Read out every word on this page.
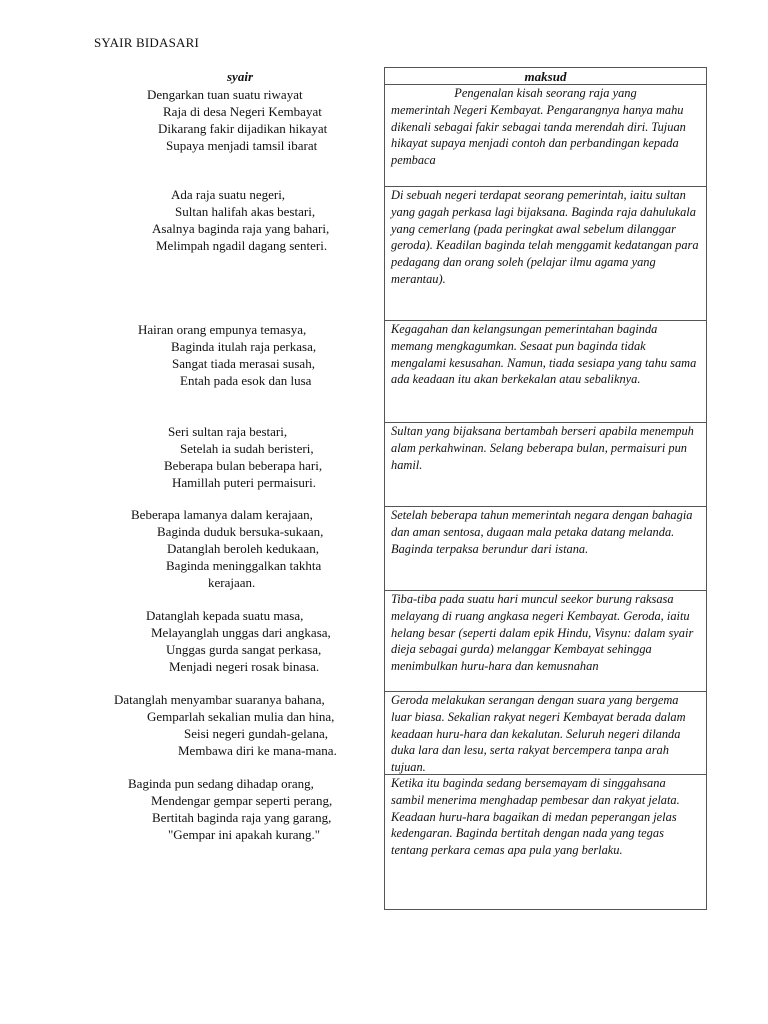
SYAIR BIDASARI
syair
Dengarkan tuan suatu riwayat
Raja di desa Negeri Kembayat
Dikarang fakir dijadikan hikayat
Supaya menjadi tamsil ibarat
Ada raja suatu negeri,
Sultan halifah akas bestari,
Asalnya baginda raja yang bahari,
Melimpah ngadil dagang senteri.
Hairan orang empunya temasya,
Baginda itulah raja perkasa,
Sangat tiada merasai susah,
Entah pada esok dan lusa
Seri sultan raja bestari,
Setelah ia sudah beristeri,
Beberapa bulan beberapa hari,
Hamillah puteri permaisuri.
Beberapa lamanya dalam kerajaan,
Baginda duduk bersuka-sukaan,
Datanglah beroleh kedukaan,
Baginda meninggalkan takhta
kerajaan.
Datanglah kepada suatu masa,
Melayanglah unggas dari angkasa,
Unggas gurda sangat perkasa,
Menjadi negeri rosak binasa.
Datanglah menyambar suaranya bahana,
Gemparlah sekalian mulia dan hina,
Seisi negeri gundah-gelana,
Membawa diri ke mana-mana.
Baginda pun sedang dihadap orang,
Mendengar gempar seperti perang,
Bertitah baginda raja yang garang,
"Gempar ini apakah kurang."
maksud
Pengenalan kisah seorang raja yang
memerintah Negeri Kembayat. Pengarangnya hanya mahu dikenali sebagai fakir sebagai tanda merendah diri. Tujuan hikayat supaya menjadi contoh dan perbandingan kepada pembaca
Di sebuah negeri terdapat seorang pemerintah, iaitu sultan yang gagah perkasa lagi bijaksana. Baginda raja dahulukala yang cemerlang (pada peringkat awal sebelum dilanggar geroda). Keadilan baginda telah menggamit kedatangan para pedagang dan orang soleh (pelajar ilmu agama yang merantau).
Kegagahan dan kelangsungan pemerintahan baginda memang mengkagumkan. Sesaat pun baginda tidak mengalami kesusahan. Namun, tiada sesiapa yang tahu sama ada keadaan itu akan berkekalan atau sebaliknya.
Sultan yang bijaksana bertambah berseri apabila menempuh alam perkahwinan. Selang beberapa bulan, permaisuri pun hamil.
Setelah beberapa tahun memerintah negara dengan bahagia dan aman sentosa, dugaan mala petaka datang melanda. Baginda terpaksa berundur dari istana.
Tiba-tiba pada suatu hari muncul seekor burung raksasa melayang di ruang angkasa negeri Kembayat. Geroda, iaitu helang besar (seperti dalam epik Hindu, Visynu: dalam syair dieja sebagai gurda) melanggar Kembayat sehingga menimbulkan huru-hara dan kemusnahan
Geroda melakukan serangan dengan suara yang bergema luar biasa. Sekalian rakyat negeri Kembayat berada dalam keadaan huru-hara dan kekalutan. Seluruh negeri dilanda duka lara dan lesu, serta rakyat bercempera tanpa arah tujuan.
Ketika itu baginda sedang bersemayam di singgahsana sambil menerima menghadap pembesar dan rakyat jelata. Keadaan huru-hara bagaikan di medan peperangan jelas kedengaran. Baginda bertitah dengan nada yang tegas tentang perkara cemas apa pula yang berlaku.
